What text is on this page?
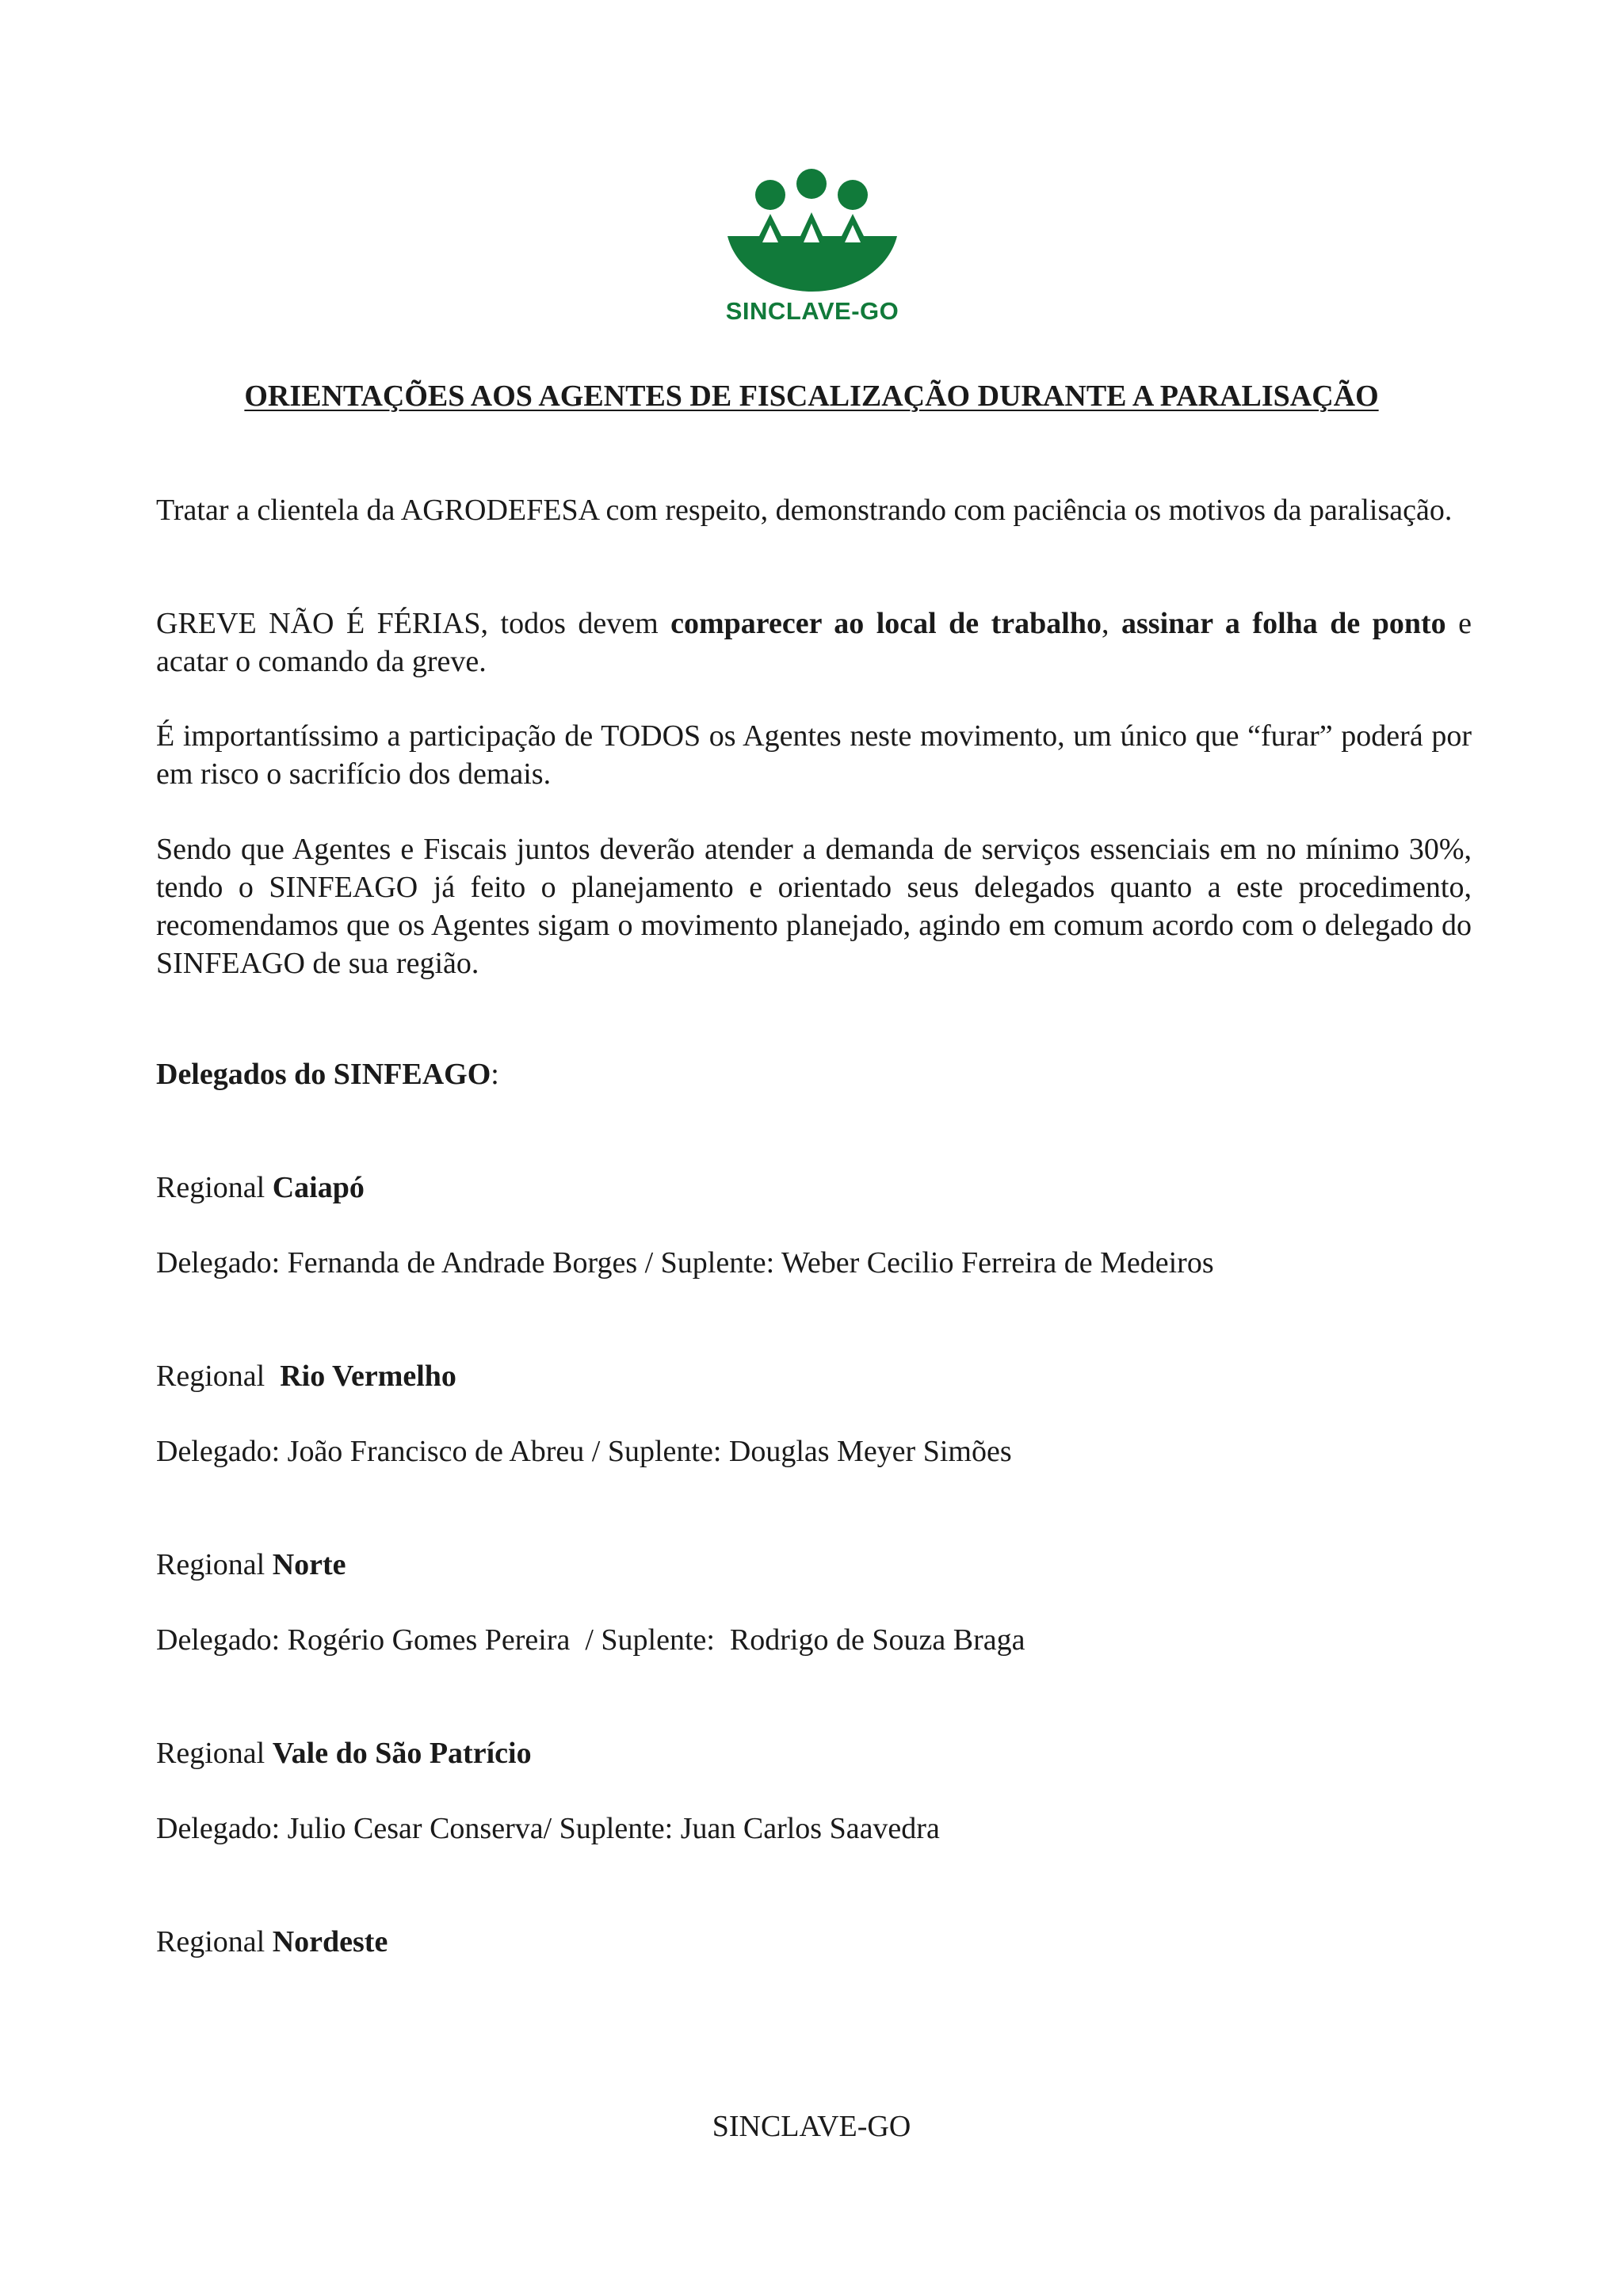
SINCLAVE-GO
ORIENTAÇÕES AOS AGENTES DE FISCALIZAÇÃO DURANTE A PARALISAÇÃO
Tratar a clientela da AGRODEFESA com respeito, demonstrando com paciência os motivos da paralisação.
GREVE NÃO É FÉRIAS, todos devem comparecer ao local de trabalho, assinar a folha de ponto e acatar o comando da greve.
É importantíssimo a participação de TODOS os Agentes neste movimento, um único que “furar” poderá por em risco o sacrifício dos demais.
Sendo que Agentes e Fiscais juntos deverão atender a demanda de serviços essenciais em no mínimo 30%, tendo o SINFEAGO já feito o planejamento e orientado seus delegados quanto a este procedimento, recomendamos que os Agentes sigam o movimento planejado, agindo em comum acordo com o delegado do SINFEAGO de sua região.
Delegados do SINFEAGO:
Regional Caiapó
Delegado: Fernanda de Andrade Borges / Suplente: Weber Cecilio Ferreira de Medeiros
Regional  Rio Vermelho
Delegado: João Francisco de Abreu / Suplente: Douglas Meyer Simões
Regional Norte
Delegado: Rogério Gomes Pereira  / Suplente:  Rodrigo de Souza Braga
Regional Vale do São Patrício
Delegado: Julio Cesar Conserva/ Suplente: Juan Carlos Saavedra
Regional Nordeste
SINCLAVE-GO
